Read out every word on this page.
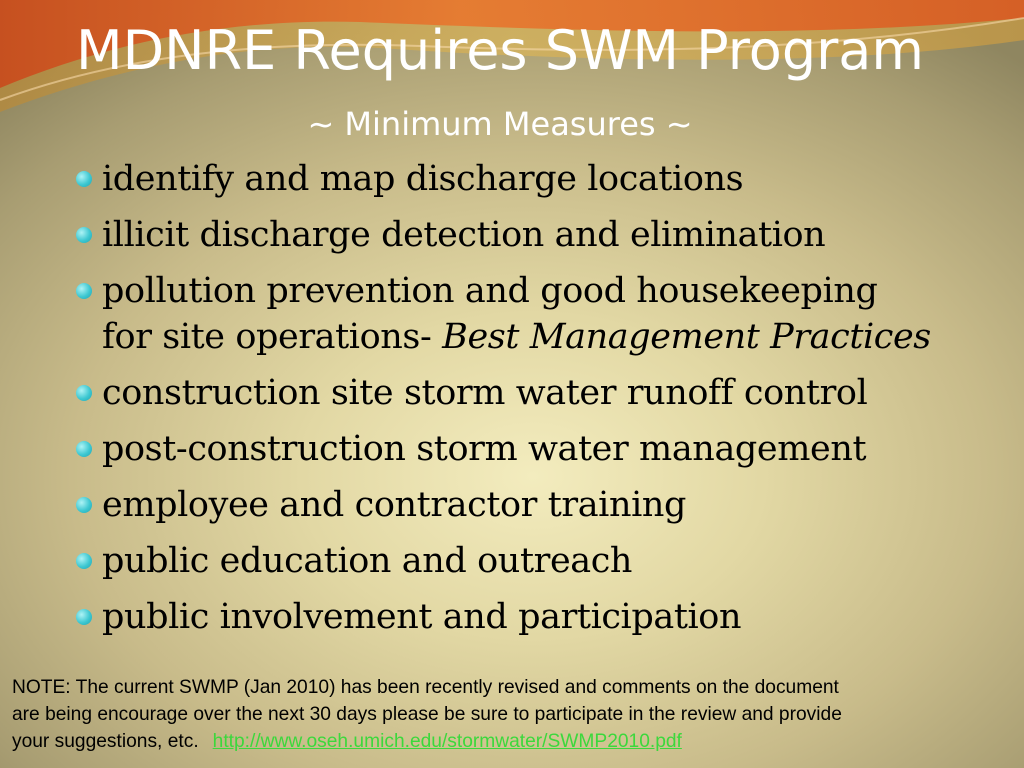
MDNRE Requires SWM Program
~ Minimum Measures ~
identify and map discharge locations
illicit discharge detection and elimination
pollution prevention and good housekeeping
for site operations- Best Management Practices
construction site storm water runoff control
post-construction storm water management
employee and contractor training
public education and outreach
public involvement and participation
NOTE: The current SWMP (Jan 2010) has been recently revised and comments on the document
are being encourage over the next 30 days please be sure to participate in the review and provide
your suggestions, etc. http://www.oseh.umich.edu/stormwater/SWMP2010.pdf
